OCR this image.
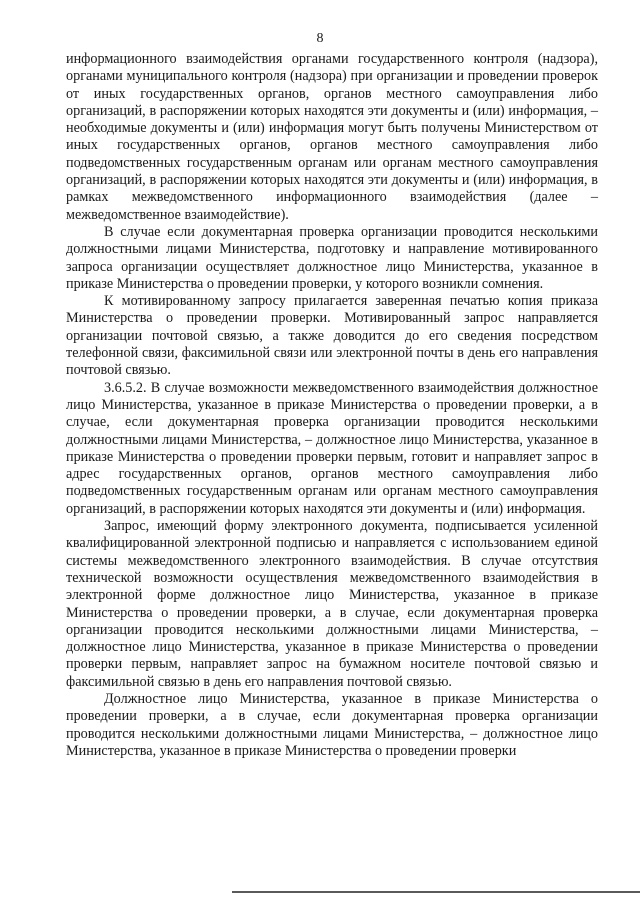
8

информационного взаимодействия органами государственного контроля (надзора), органами муниципального контроля (надзора) при организации и проведении проверок от иных государственных органов, органов местного самоуправления либо организаций, в распоряжении которых находятся эти документы и (или) информация, – необходимые документы и (или) информация могут быть получены Министерством от иных государственных органов, органов местного самоуправления либо подведомственных государственным органам или органам местного самоуправления организаций, в распоряжении которых находятся эти документы и (или) информация, в рамках межведомственного информационного взаимодействия (далее – межведомственное взаимодействие).

В случае если документарная проверка организации проводится несколькими должностными лицами Министерства, подготовку и направление мотивированного запроса организации осуществляет должностное лицо Министерства, указанное в приказе Министерства о проведении проверки, у которого возникли сомнения.

К мотивированному запросу прилагается заверенная печатью копия приказа Министерства о проведении проверки. Мотивированный запрос направляется организации почтовой связью, а также доводится до его сведения посредством телефонной связи, факсимильной связи или электронной почты в день его направления почтовой связью.

3.6.5.2. В случае возможности межведомственного взаимодействия должностное лицо Министерства, указанное в приказе Министерства о проведении проверки, а в случае, если документарная проверка организации проводится несколькими должностными лицами Министерства, – должностное лицо Министерства, указанное в приказе Министерства о проведении проверки первым, готовит и направляет запрос в адрес государственных органов, органов местного самоуправления либо подведомственных государственным органам или органам местного самоуправления организаций, в распоряжении которых находятся эти документы и (или) информация.

Запрос, имеющий форму электронного документа, подписывается усиленной квалифицированной электронной подписью и направляется с использованием единой системы межведомственного электронного взаимодействия. В случае отсутствия технической возможности осуществления межведомственного взаимодействия в электронной форме должностное лицо Министерства, указанное в приказе Министерства о проведении проверки, а в случае, если документарная проверка организации проводится несколькими должностными лицами Министерства, – должностное лицо Министерства, указанное в приказе Министерства о проведении проверки первым, направляет запрос на бумажном носителе почтовой связью и факсимильной связью в день его направления почтовой связью.

Должностное лицо Министерства, указанное в приказе Министерства о проведении проверки, а в случае, если документарная проверка организации проводится несколькими должностными лицами Министерства, – должностное лицо Министерства, указанное в приказе Министерства о проведении проверки
